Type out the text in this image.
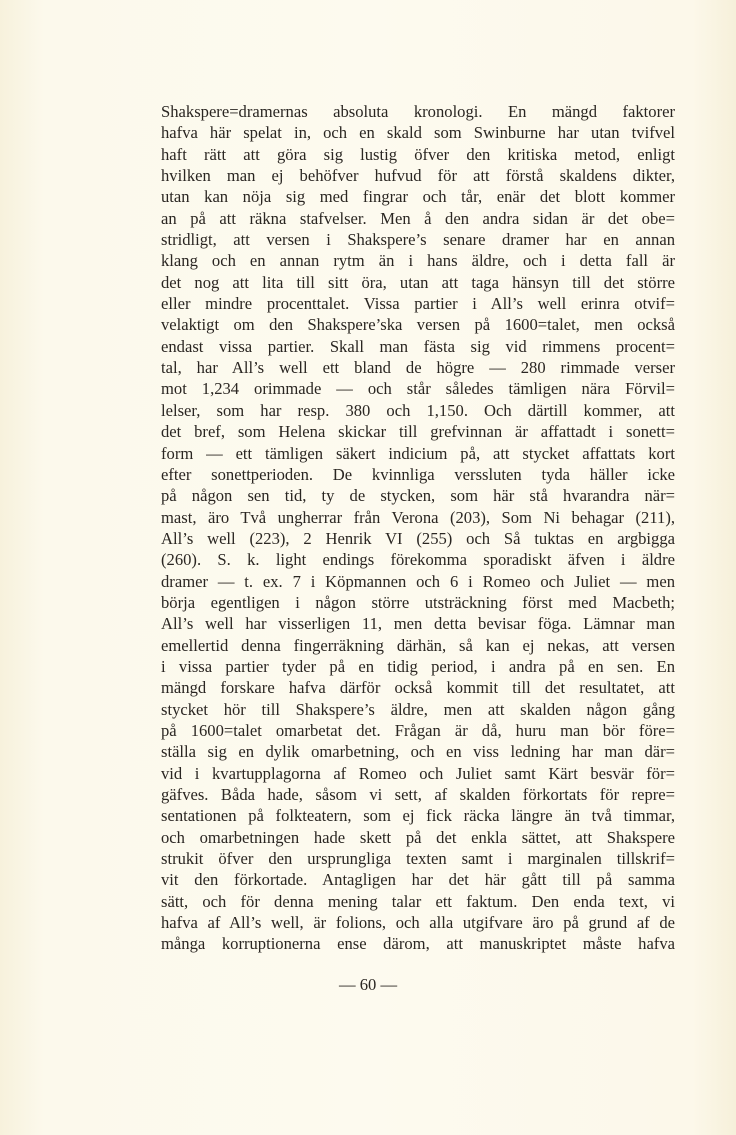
Shakspere=dramernas absoluta kronologi. En mängd faktorer
hafva här spelat in, och en skald som Swinburne har utan tvifvel
haft rätt att göra sig lustig öfver den kritiska metod, enligt
hvilken man ej behöfver hufvud för att förstå skaldens dikter,
utan kan nöja sig med fingrar och tår, enär det blott kommer
an på att räkna stafvelser. Men å den andra sidan är det obe=
stridligt, att versen i Shakspere’s senare dramer har en annan
klang och en annan rytm än i hans äldre, och i detta fall är
det nog att lita till sitt öra, utan att taga hänsyn till det större
eller mindre procenttalet. Vissa partier i All’s well erinra otvif=
velaktigt om den Shakspere’ska versen på 1600=talet, men också
endast vissa partier. Skall man fästa sig vid rimmens procent=
tal, har All’s well ett bland de högre — 280 rimmade verser
mot 1,234 orimmade — och står således tämligen nära Förvil=
lelser, som har resp. 380 och 1,150. Och därtill kommer, att
det bref, som Helena skickar till grefvinnan är affattadt i sonett=
form — ett tämligen säkert indicium på, att stycket affattats kort
efter sonettperioden. De kvinnliga verssluten tyda häller icke
på någon sen tid, ty de stycken, som här stå hvarandra när=
mast, äro Två ungherrar från Verona (203), Som Ni behagar (211),
All’s well (223), 2 Henrik VI (255) och Så tuktas en argbigga
(260). S. k. light endings förekomma sporadiskt äfven i äldre
dramer — t. ex. 7 i Köpmannen och 6 i Romeo och Juliet — men
börja egentligen i någon större utsträckning först med Macbeth;
All’s well har visserligen 11, men detta bevisar föga. Lämnar man
emellertid denna fingerräkning därhän, så kan ej nekas, att versen
i vissa partier tyder på en tidig period, i andra på en sen. En
mängd forskare hafva därför också kommit till det resultatet, att
stycket hör till Shakspere’s äldre, men att skalden någon gång
på 1600=talet omarbetat det. Frågan är då, huru man bör före=
ställa sig en dylik omarbetning, och en viss ledning har man där=
vid i kvartupplagorna af Romeo och Juliet samt Kärt besvär för=
gäfves. Båda hade, såsom vi sett, af skalden förkortats för repre=
sentationen på folkteatern, som ej fick räcka längre än två timmar,
och omarbetningen hade skett på det enkla sättet, att Shakspere
strukit öfver den ursprungliga texten samt i marginalen tillskrif=
vit den förkortade. Antagligen har det här gått till på samma
sätt, och för denna mening talar ett faktum. Den enda text, vi
hafva af All’s well, är folions, och alla utgifvare äro på grund af de
många korruptionerna ense därom, att manuskriptet måste hafva
— 60 —
